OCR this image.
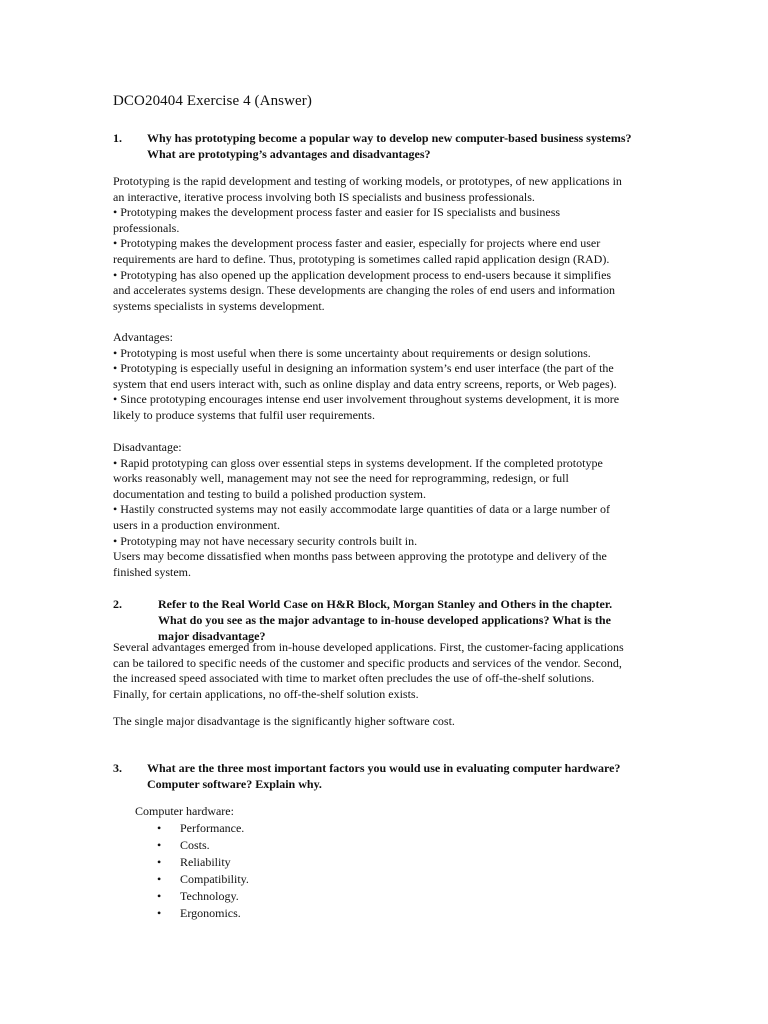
DCO20404 Exercise 4 (Answer)
1. Why has prototyping become a popular way to develop new computer-based business systems?
What are prototyping’s advantages and disadvantages?
Prototyping is the rapid development and testing of working models, or prototypes, of new applications in
an interactive, iterative process involving both IS specialists and business professionals.
• Prototyping makes the development process faster and easier for IS specialists and business
professionals.
• Prototyping makes the development process faster and easier, especially for projects where end user
requirements are hard to define. Thus, prototyping is sometimes called rapid application design (RAD).
• Prototyping has also opened up the application development process to end-users because it simplifies
and accelerates systems design. These developments are changing the roles of end users and information
systems specialists in systems development.
Advantages:
• Prototyping is most useful when there is some uncertainty about requirements or design solutions.
• Prototyping is especially useful in designing an information system’s end user interface (the part of the
system that end users interact with, such as online display and data entry screens, reports, or Web pages).
• Since prototyping encourages intense end user involvement throughout systems development, it is more
likely to produce systems that fulfil user requirements.
Disadvantage:
• Rapid prototyping can gloss over essential steps in systems development. If the completed prototype
works reasonably well, management may not see the need for reprogramming, redesign, or full
documentation and testing to build a polished production system.
• Hastily constructed systems may not easily accommodate large quantities of data or a large number of
users in a production environment.
• Prototyping may not have necessary security controls built in.
Users may become dissatisfied when months pass between approving the prototype and delivery of the
finished system.
2.	Refer to the Real World Case on H&R Block, Morgan Stanley and Others in the chapter.
What do you see as the major advantage to in-house developed applications? What is the
major disadvantage?
Several advantages emerged from in-house developed applications. First, the customer-facing applications
can be tailored to specific needs of the customer and specific products and services of the vendor. Second,
the increased speed associated with time to market often precludes the use of off-the-shelf solutions.
Finally, for certain applications, no off-the-shelf solution exists.
The single major disadvantage is the significantly higher software cost.
3. What are the three most important factors you would use in evaluating computer hardware?
Computer software? Explain why.
Computer hardware:
• Performance.
• Costs.
• Reliability
• Compatibility.
• Technology.
• Ergonomics.
